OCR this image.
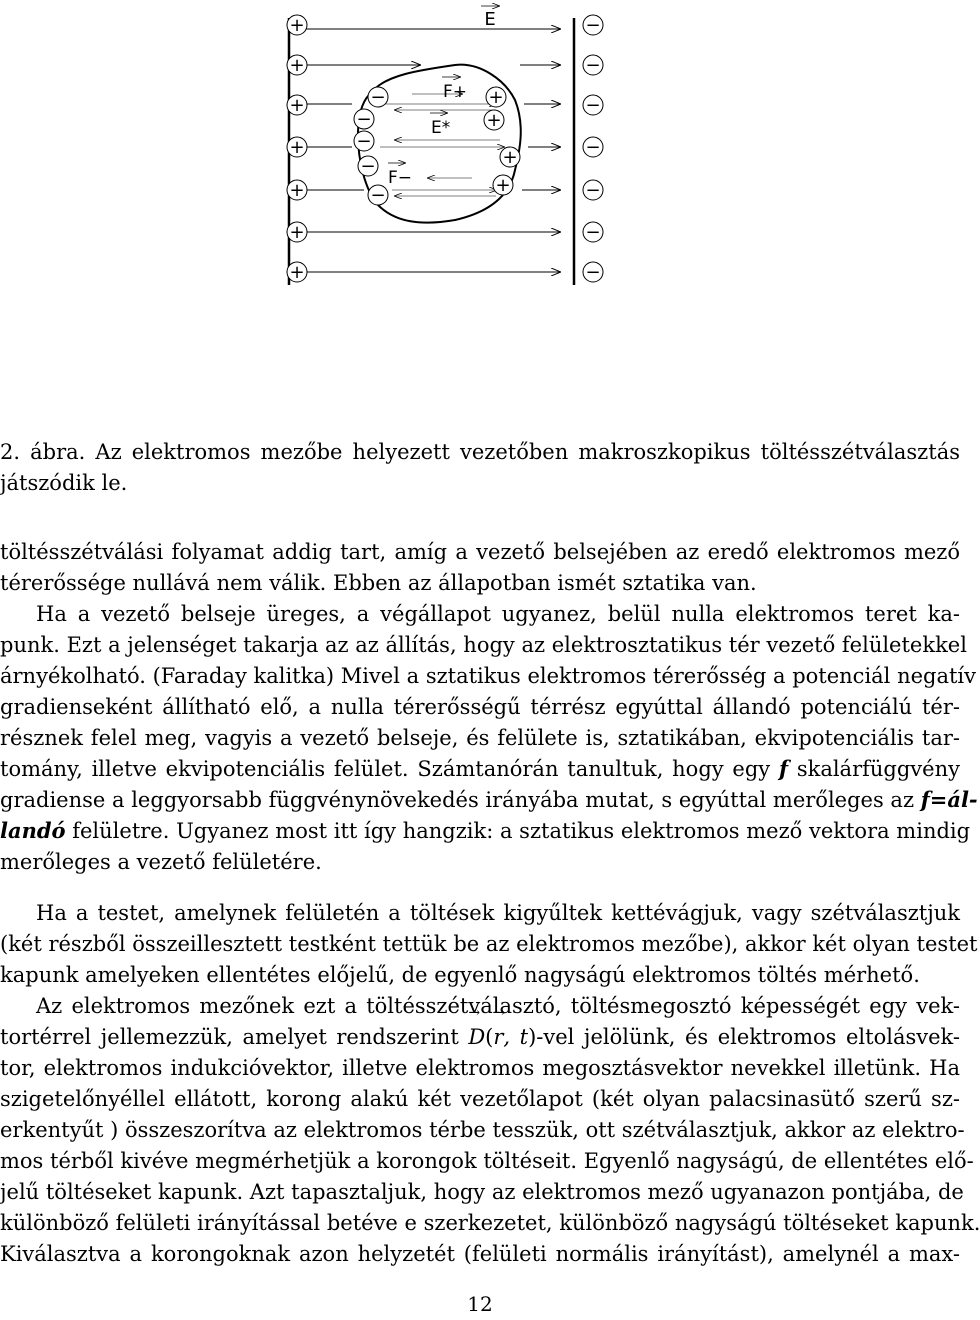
E
F+
E*
F−
+
+
+
+
+
+
+
−
−
−
−
−
−
−
−
−
−
−
−
+
+
+
+
2. ábra. Az elektromos mezőbe helyezett vezetőben makroszkopikus töltésszétválasztás
játszódik le.
töltésszétválási folyamat addig tart, amíg a vezető belsejében az eredő elektromos mező
térerőssége nullává nem válik. Ebben az állapotban ismét sztatika van.
Ha a vezető belseje üreges, a végállapot ugyanez, belül nulla elektromos teret ka-
punk. Ezt a jelenséget takarja az az állítás, hogy az elektrosztatikus tér vezető felületekkel
árnyékolható. (Faraday kalitka) Mivel a sztatikus elektromos térerősség a potenciál negatív
gradienseként állítható elő, a nulla térerősségű térrész egyúttal állandó potenciálú tér-
résznek felel meg, vagyis a vezető belseje, és felülete is, sztatikában, ekvipotenciális tar-
tomány, illetve ekvipotenciális felület. Számtanórán tanultuk, hogy egy f skalárfüggvény
gradiense a leggyorsabb függvénynövekedés irányába mutat, s egyúttal merőleges az f=ál-
landó felületre. Ugyanez most itt így hangzik: a sztatikus elektromos mező vektora mindig
merőleges a vezető felületére.
Ha a testet, amelynek felületén a töltések kigyűltek kettévágjuk, vagy szétválasztjuk
(két részből összeillesztett testként tettük be az elektromos mezőbe), akkor két olyan testet
kapunk amelyeken ellentétes előjelű, de egyenlő nagyságú elektromos töltés mérhető.
Az elektromos mezőnek ezt a töltésszétválasztó, töltésmegosztó képességét egy vek-
tortérrel jellemezzük, amelyet rendszerint → D(→ r, t)-vel jelölünk, és elektromos eltolásvek-
tor, elektromos indukcióvektor, illetve elektromos megosztásvektor nevekkel illetünk. Ha
szigetelőnyéllel ellátott, korong alakú két vezetőlapot (két olyan palacsinasütő szerű sz-
erkentyűt ) összeszorítva az elektromos térbe tesszük, ott szétválasztjuk, akkor az elektro-
mos térből kivéve megmérhetjük a korongok töltéseit. Egyenlő nagyságú, de ellentétes elő-
jelű töltéseket kapunk. Azt tapasztaljuk, hogy az elektromos mező ugyanazon pontjába, de
különböző felületi irányítással betéve e szerkezetet, különböző nagyságú töltéseket kapunk.
Kiválasztva a korongoknak azon helyzetét (felületi normális irányítást), amelynél a max-
12
